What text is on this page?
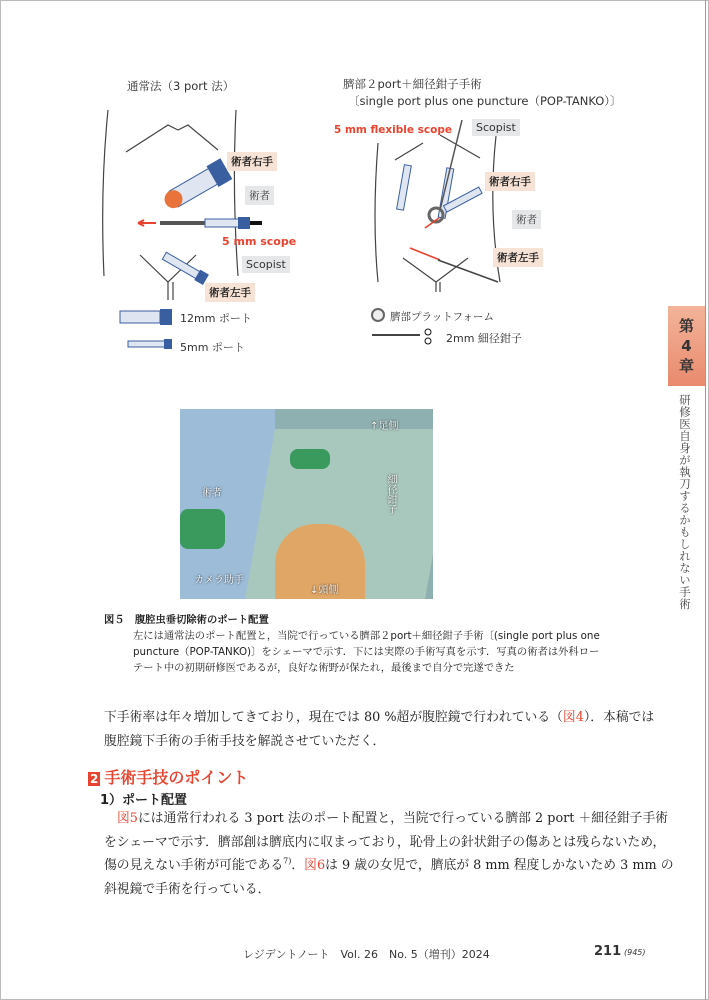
通常法（3 port 法）	臍部２port＋細径鉗子手術
〔single port plus one puncture（POP-TANKO）〕
術者右手
術者
5 mm scope
Scopist
術者左手
12mm ポート
5mm ポート
5 mm flexible scope	Scopist
術者右手
術者
術者左手
臍部プラットフォーム
2mm 細径鉗子
↑足側
細径鉗子
術者
カメラ助手
↓頭側
図５　腹腔虫垂切除術のポート配置
左には通常法のポート配置と，当院で行っている臍部２port＋細径鉗子手術〔(single port plus one
puncture（POP-TANKO)〕をシェーマで示す．下には実際の手術写真を示す．写真の術者は外科ロー
テート中の初期研修医であるが，良好な術野が保たれ，最後まで自分で完遂できた
下手術率は年々増加してきており，現在では 80 %超が腹腔鏡で行われている（図4）．本稿では
腹腔鏡下手術の手術手技を解説させていただく．
2 手術手技のポイント
1）ポート配置
図5には通常行われる 3 port 法のポート配置と，当院で行っている臍部 2 port ＋細径鉗子手術
をシェーマで示す．臍部創は臍底内に収まっており，恥骨上の針状鉗子の傷あとは残らないため，
傷の見えない手術が可能である$^{7)}$．図6は 9 歳の女児で，臍底が 8 mm 程度しかないため 3 mm の
斜視鏡で手術を行っている．
第
4
章
研修医自身が執刀するかもしれない手術
レジデントノート　Vol. 26　No. 5（増刊）2024	211 (945)
